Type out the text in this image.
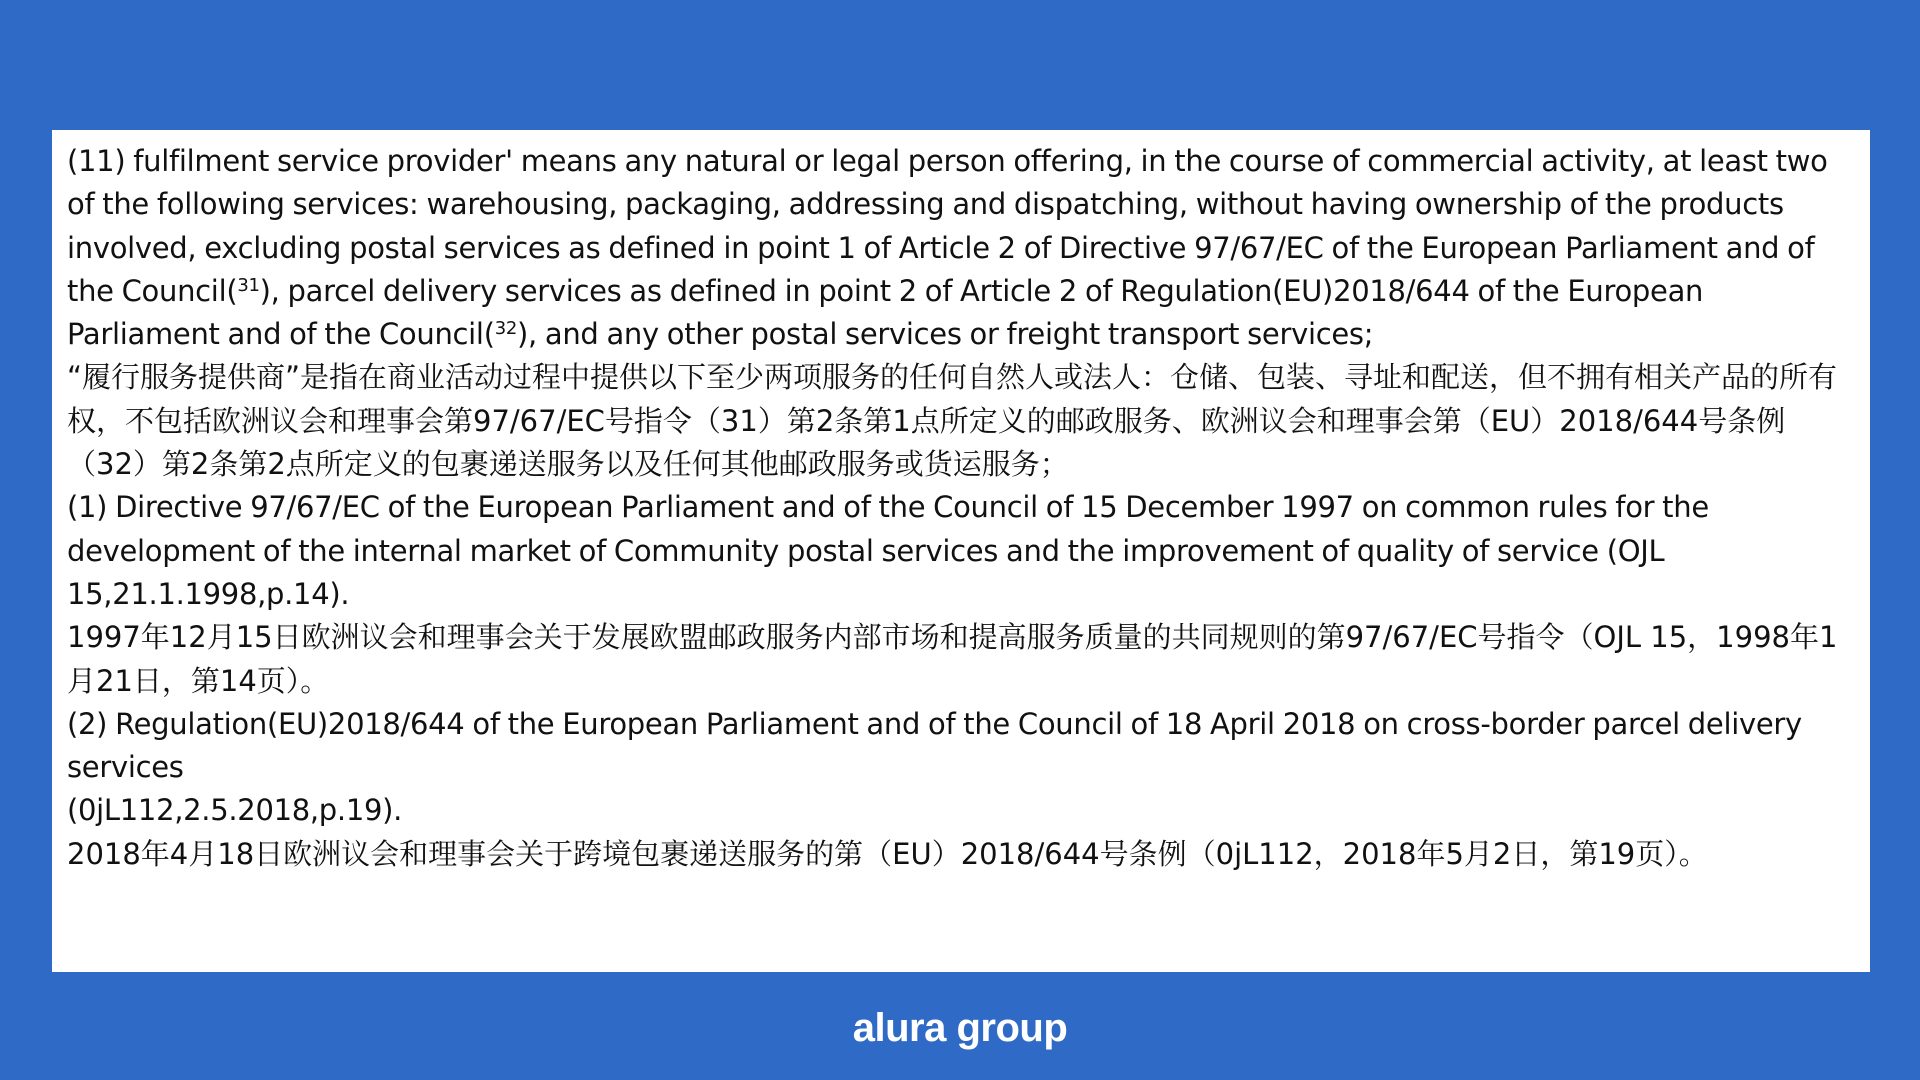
(11) fulfilment service provider' means any natural or legal person offering, in the course of commercial activity, at least two of the following services: warehousing, packaging, addressing and dispatching, without having ownership of the products involved, excluding postal services as defined in point 1 of Article 2 of Directive 97/67/EC of the European Parliament and of the Council($^{31}$), parcel delivery services as defined in point 2 of Article 2 of Regulation(EU)2018/644 of the European Parliament and of the Council($^{32}$), and any other postal services or freight transport services;

“履行服务提供商”是指在商业活动过程中提供以下至少两项服务的任何自然人或法人：仓储、包装、寻址和配送，但不拥有相关产品的所有权，不包括欧洲议会和理事会第97/67/EC号指令（31）第2条第1点所定义的邮政服务、欧洲议会和理事会第（EU）2018/644号条例（32）第2条第2点所定义的包裹递送服务以及任何其他邮政服务或货运服务；

(1) Directive 97/67/EC of the European Parliament and of the Council of 15 December 1997 on common rules for the development of the internal market of Community postal services and the improvement of quality of service (OJL 15,21.1.1998,p.14).

1997年12月15日欧洲议会和理事会关于发展欧盟邮政服务内部市场和提高服务质量的共同规则的第97/67/EC号指令（OJL 15，1998年1月21日，第14页）。

(2) Regulation(EU)2018/644 of the European Parliament and of the Council of 18 April 2018 on cross-border parcel delivery services

(0jL112,2.5.2018,p.19).

2018年4月18日欧洲议会和理事会关于跨境包裹递送服务的第（EU）2018/644号条例（0jL112，2018年5月2日，第19页）。

alura group
